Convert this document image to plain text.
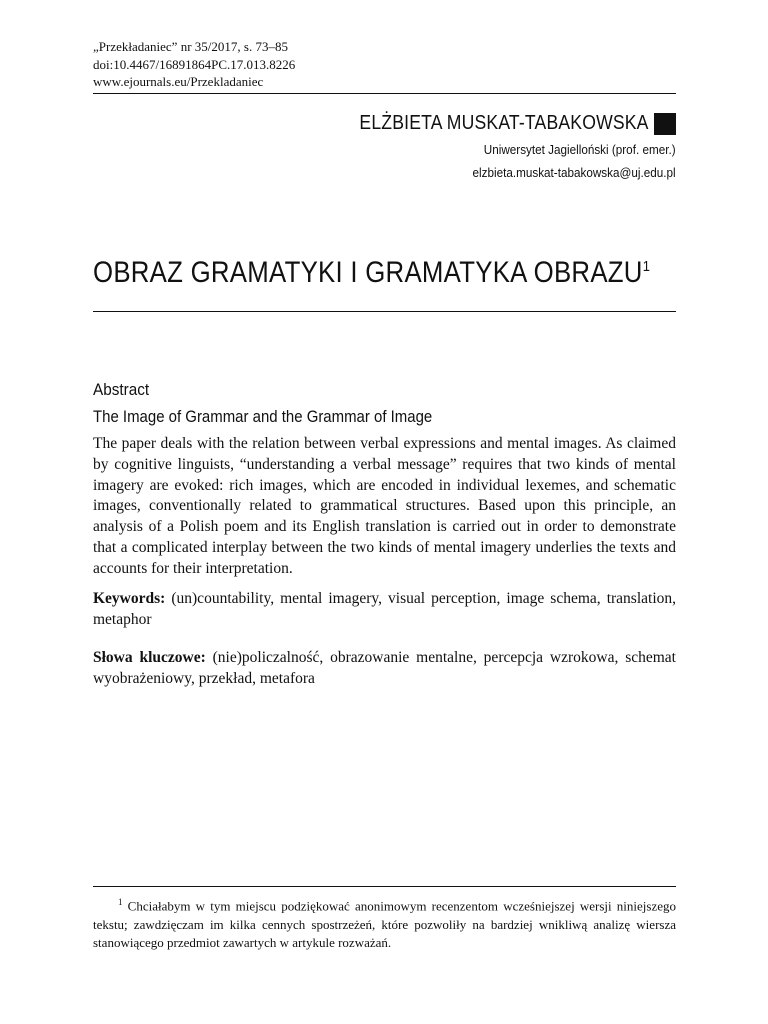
„Przekładaniec” nr 35/2017, s. 73–85
doi:10.4467/16891864PC.17.013.8226
www.ejournals.eu/Przekladaniec
ELŻBIETA MUSKAT-TABAKOWSKA
Uniwersytet Jagielloński (prof. emer.)
elzbieta.muskat-tabakowska@uj.edu.pl
OBRAZ GRAMATYKI I GRAMATYKA OBRAZU$^1$
Abstract
The Image of Grammar and the Grammar of Image
The paper deals with the relation between verbal expressions and mental images. As claimed by cognitive linguists, “understanding a verbal message” requires that two kinds of mental imagery are evoked: rich images, which are encoded in individual lexemes, and schematic images, conventionally related to grammatical structures. Based upon this principle, an analysis of a Polish poem and its English translation is carried out in order to demonstrate that a complicated interplay between the two kinds of mental imagery underlies the texts and accounts for their interpretation.
Keywords: (un)countability, mental imagery, visual perception, image schema, translation, metaphor
Słowa kluczowe: (nie)policzalność, obrazowanie mentalne, percepcja wzrokowa, schemat wyobrażeniowy, przekład, metafora
$^1$ Chciałabym w tym miejscu podziękować anonimowym recenzentom wcześniejszej wersji niniejszego tekstu; zawdzięczam im kilka cennych spostrzeżeń, które pozwoliły na bardziej wnikliwą analizę wiersza stanowiącego przedmiot zawartych w artykule rozważań.
